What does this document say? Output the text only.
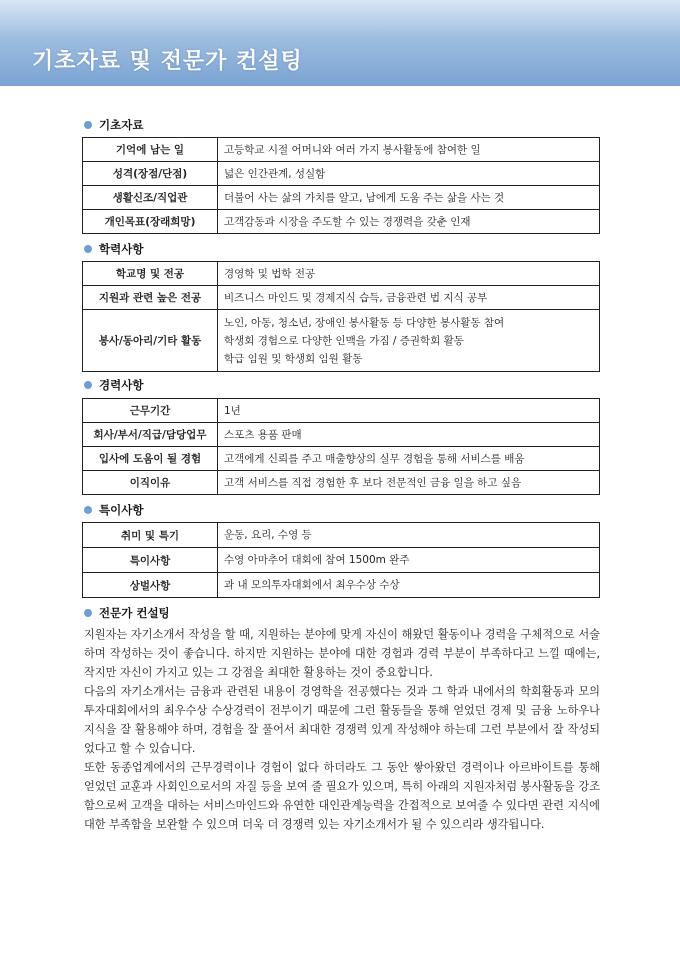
기초자료 및 전문가 컨설팅
기초자료
기억에 남는 일	고등학교 시절 어머니와 여러 가지 봉사활동에 참여한 일
성격(장점/단점)	넓은 인간관계, 성실함
생활신조/직업관	더불어 사는 삶의 가치를 알고, 남에게 도움 주는 삶을 사는 것
개인목표(장래희망)	고객감동과 시장을 주도할 수 있는 경쟁력을 갖춘 인재
학력사항
학교명 및 전공	경영학 및 법학 전공
지원과 관련 높은 전공	비즈니스 마인드 및 경제지식 습득, 금융관련 법 지식 공부
봉사/동아리/기타 활동	노인, 아동, 청소년, 장애인 봉사활동 등 다양한 봉사활동 참여
학생회 경험으로 다양한 인맥을 가짐 / 증권학회 활동
학급 임원 및 학생회 임원 활동
경력사항
근무기간	1년
회사/부서/직급/담당업무	스포츠 용품 판매
입사에 도움이 될 경험	고객에게 신뢰를 주고 매출향상의 실무 경험을 통해 서비스를 배움
이직이유	고객 서비스를 직접 경험한 후 보다 전문적인 금융 일을 하고 싶음
특이사항
취미 및 특기	운동, 요리, 수영 등
특이사항	수영 아마추어 대회에 참여 1500m 완주
상벌사항	과 내 모의투자대회에서 최우수상 수상
전문가 컨설팅

지원자는 자기소개서 작성을 할 때, 지원하는 분야에 맞게 자신이 해왔던 활동이나 경력을 구체적으로 서술하며 작성하는 것이 좋습니다. 하지만 지원하는 분야에 대한 경험과 경력 부분이 부족하다고 느낄 때에는, 작지만 자신이 가지고 있는 그 강점을 최대한 활용하는 것이 중요합니다.

다음의 자기소개서는 금융과 관련된 내용이 경영학을 전공했다는 것과 그 학과 내에서의 학회활동과 모의투자대회에서의 최우수상 수상경력이 전부이기 때문에 그런 활동들을 통해 얻었던 경제 및 금융 노하우나 지식을 잘 활용해야 하며, 경험을 잘 풀어서 최대한 경쟁력 있게 작성해야 하는데 그런 부분에서 잘 작성되었다고 할 수 있습니다.

또한 동종업계에서의 근무경력이나 경험이 없다 하더라도 그 동안 쌓아왔던 경력이나 아르바이트를 통해 얻었던 교훈과 사회인으로서의 자질 등을 보여 줄 필요가 있으며, 특히 아래의 지원자처럼 봉사활동을 강조함으로써 고객을 대하는 서비스마인드와 유연한 대인관계능력을 간접적으로 보여줄 수 있다면 관련 지식에 대한 부족함을 보완할 수 있으며 더욱 더 경쟁력 있는 자기소개서가 될 수 있으리라 생각됩니다.
